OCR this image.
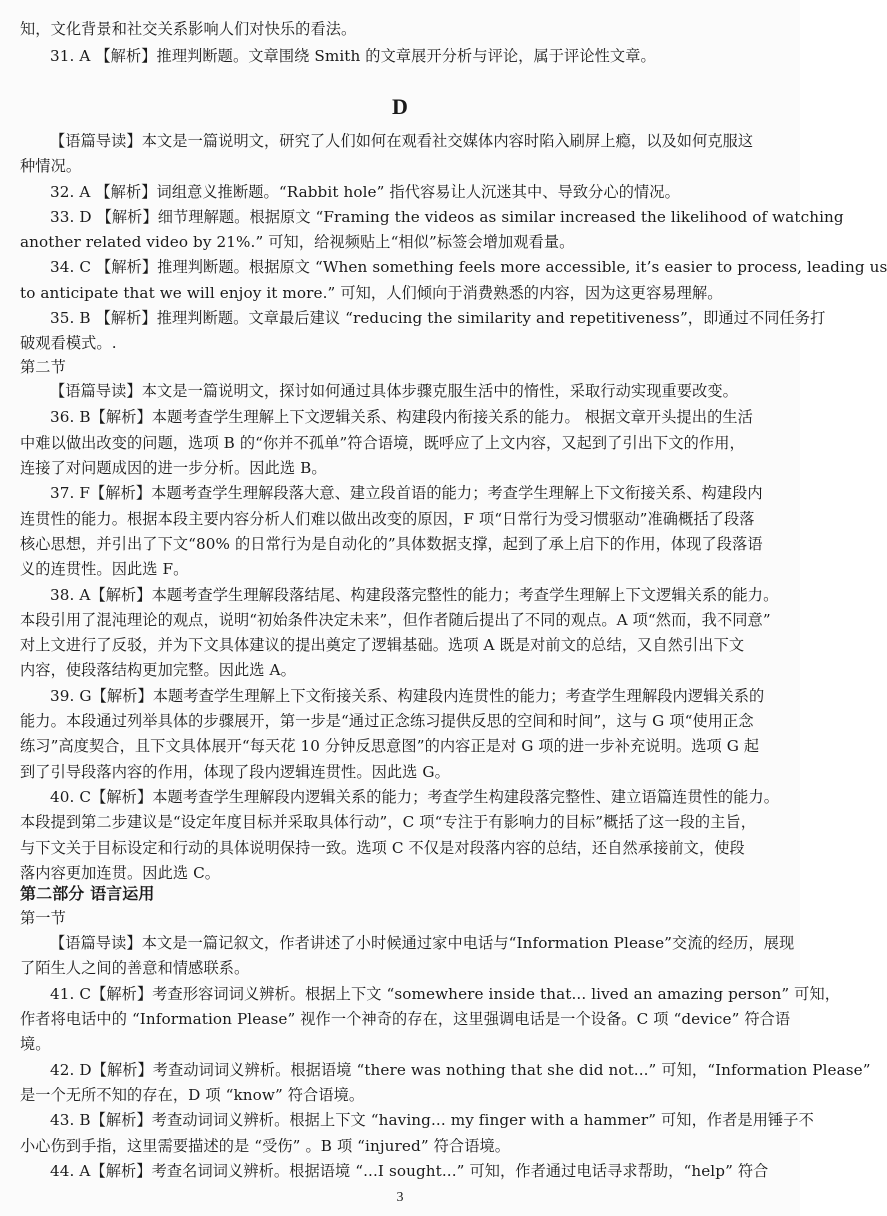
知，文化背景和社交关系影响人们对快乐的看法。
31. A 【解析】推理判断题。文章围绕 Smith 的文章展开分析与评论，属于评论性文章。
D
【语篇导读】本文是一篇说明文，研究了人们如何在观看社交媒体内容时陷入刷屏上瘾，以及如何克服这
种情况。
32. A 【解析】词组意义推断题。“Rabbit hole” 指代容易让人沉迷其中、导致分心的情况。
33. D 【解析】细节理解题。根据原文 “Framing the videos as similar increased the likelihood of watching
another related video by 21%.” 可知，给视频贴上“相似”标签会增加观看量。
34. C 【解析】推理判断题。根据原文 “When something feels more accessible, it’s easier to process, leading us
to anticipate that we will enjoy it more.” 可知，人们倾向于消费熟悉的内容，因为这更容易理解。
35. B 【解析】推理判断题。文章最后建议 “reducing the similarity and repetitiveness”，即通过不同任务打
破观看模式。.
第二节
【语篇导读】本文是一篇说明文，探讨如何通过具体步骤克服生活中的惰性，采取行动实现重要改变。
36. B【解析】本题考查学生理解上下文逻辑关系、构建段内衔接关系的能力。 根据文章开头提出的生活
中难以做出改变的问题，选项 B 的“你并不孤单”符合语境，既呼应了上文内容，又起到了引出下文的作用，
连接了对问题成因的进一步分析。因此选 B。
37. F【解析】本题考查学生理解段落大意、建立段首语的能力；考查学生理解上下文衔接关系、构建段内
连贯性的能力。根据本段主要内容分析人们难以做出改变的原因，F 项“日常行为受习惯驱动”准确概括了段落
核心思想，并引出了下文“80% 的日常行为是自动化的”具体数据支撑，起到了承上启下的作用，体现了段落语
义的连贯性。因此选 F。
38. A【解析】本题考查学生理解段落结尾、构建段落完整性的能力；考查学生理解上下文逻辑关系的能力。
本段引用了混沌理论的观点，说明“初始条件决定未来”，但作者随后提出了不同的观点。A 项“然而，我不同意”
对上文进行了反驳，并为下文具体建议的提出奠定了逻辑基础。选项 A 既是对前文的总结，又自然引出下文
内容，使段落结构更加完整。因此选 A。
39. G【解析】本题考查学生理解上下文衔接关系、构建段内连贯性的能力；考查学生理解段内逻辑关系的
能力。本段通过列举具体的步骤展开，第一步是“通过正念练习提供反思的空间和时间”，这与 G 项“使用正念
练习”高度契合，且下文具体展开“每天花 10 分钟反思意图”的内容正是对 G 项的进一步补充说明。选项 G 起
到了引导段落内容的作用，体现了段内逻辑连贯性。因此选 G。
40. C【解析】本题考查学生理解段内逻辑关系的能力；考查学生构建段落完整性、建立语篇连贯性的能力。
本段提到第二步建议是“设定年度目标并采取具体行动”，C 项“专注于有影响力的目标”概括了这一段的主旨，
与下文关于目标设定和行动的具体说明保持一致。选项 C 不仅是对段落内容的总结，还自然承接前文，使段
落内容更加连贯。因此选 C。
第二部分 语言运用
第一节
【语篇导读】本文是一篇记叙文，作者讲述了小时候通过家中电话与“Information Please”交流的经历，展现
了陌生人之间的善意和情感联系。
41. C【解析】考查形容词词义辨析。根据上下文 “somewhere inside that... lived an amazing person” 可知，
作者将电话中的 “Information Please” 视作一个神奇的存在，这里强调电话是一个设备。C 项 “device” 符合语
境。
42. D【解析】考查动词词义辨析。根据语境 “there was nothing that she did not...” 可知，“Information Please”
是一个无所不知的存在，D 项 “know” 符合语境。
43. B【解析】考查动词词义辨析。根据上下文 “having... my finger with a hammer” 可知，作者是用锤子不
小心伤到手指，这里需要描述的是 “受伤” 。B 项 “injured” 符合语境。
44. A【解析】考查名词词义辨析。根据语境 “...I sought...” 可知，作者通过电话寻求帮助，“help” 符合
3
